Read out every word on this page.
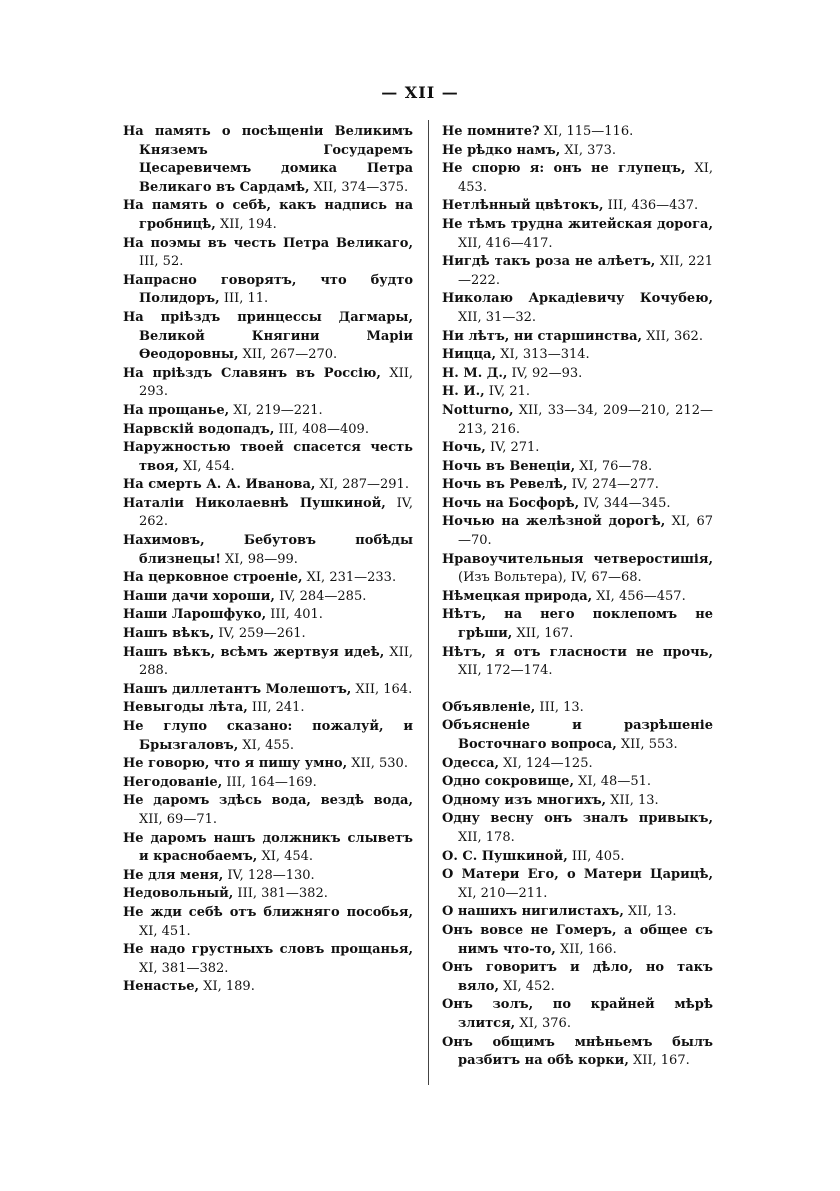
— XII —

На память о посѣщеніи Великимъ Княземъ Государемъ Цесаревичемъ домика Петра Великаго въ Сардамѣ, XII, 374—375.

На память о себѣ, какъ надпись на гробницѣ, XII, 194.

На поэмы въ честь Петра Великаго, III, 52.

Напрасно говорятъ, что будто Полидоръ, III, 11.

На пріѣздъ принцессы Дагмары, Великой Княгини Маріи Ѳеодоровны, XII, 267—270.

На пріѣздъ Славянъ въ Россію, XII, 293.

На прощанье, XI, 219—221.

Нарвскій водопадъ, III, 408—409.

Наружностью твоей спасется честь твоя, XI, 454.

На смерть А. А. Иванова, XI, 287—291.

Наталіи Николаевнѣ Пушкиной, IV, 262.

Нахимовъ, Бебутовъ побѣды близнецы! XI, 98—99.

На церковное строеніе, XI, 231—233.

Наши дачи хороши, IV, 284—285.

Наши Ларошфуко, III, 401.

Нашъ вѣкъ, IV, 259—261.

Нашъ вѣкъ, всѣмъ жертвуя идеѣ, XII, 288.

Нашъ диллетантъ Молешотъ, XII, 164.

Невыгоды лѣта, III, 241.

Не глупо сказано: пожалуй, и Брызгаловъ, XI, 455.

Не говорю, что я пишу умно, XII, 530.

Негодованіе, III, 164—169.

Не даромъ здѣсь вода, вездѣ вода, XII, 69—71.

Не даромъ нашъ должникъ слыветъ и краснобаемъ, XI, 454.

Не для меня, IV, 128—130.

Недовольный, III, 381—382.

Не жди себѣ отъ ближняго пособья, XI, 451.

Не надо грустныхъ словъ прощанья, XI, 381—382.

Ненастье, XI, 189.

Не помните? XI, 115—116.

Не рѣдко намъ, XI, 373.

Не спорю я: онъ не глупецъ, XI, 453.

Нетлѣнный цвѣтокъ, III, 436—437.

Не тѣмъ трудна житейская дорога, XII, 416—417.

Нигдѣ такъ роза не алѣетъ, XII, 221—222.

Николаю Аркадіевичу Кочубею, XII, 31—32.

Ни лѣтъ, ни старшинства, XII, 362.

Ницца, XI, 313—314.

Н. М. Д., IV, 92—93.

Н. И., IV, 21.

Notturno, XII, 33—34, 209—210, 212—213, 216.

Ночь, IV, 271.

Ночь въ Венеціи, XI, 76—78.

Ночь въ Ревелѣ, IV, 274—277.

Ночь на Босфорѣ, IV, 344—345.

Ночью на желѣзной дорогѣ, XI, 67—70.

Нравоучительныя четверостишія, (Изъ Вольтера), IV, 67—68.

Нѣмецкая природа, XI, 456—457.

Нѣтъ, на него поклепомъ не грѣши, XII, 167.

Нѣтъ, я отъ гласности не прочь, XII, 172—174.

Объявленіе, III, 13.

Объясненіе и разрѣшеніе Восточнаго вопроса, XII, 553.

Одесса, XI, 124—125.

Одно сокровище, XI, 48—51.

Одному изъ многихъ, XII, 13.

Одну весну онъ зналъ привыкъ, XII, 178.

О. С. Пушкиной, III, 405.

О Матери Его, о Матери Царицѣ, XI, 210—211.

О нашихъ нигилистахъ, XII, 13.

Онъ вовсе не Гомеръ, а общее съ нимъ что-то, XII, 166.

Онъ говоритъ и дѣло, но такъ вяло, XI, 452.

Онъ золъ, по крайней мѣрѣ злится, XI, 376.

Онъ общимъ мнѣньемъ былъ разбитъ на обѣ корки, XII, 167.
